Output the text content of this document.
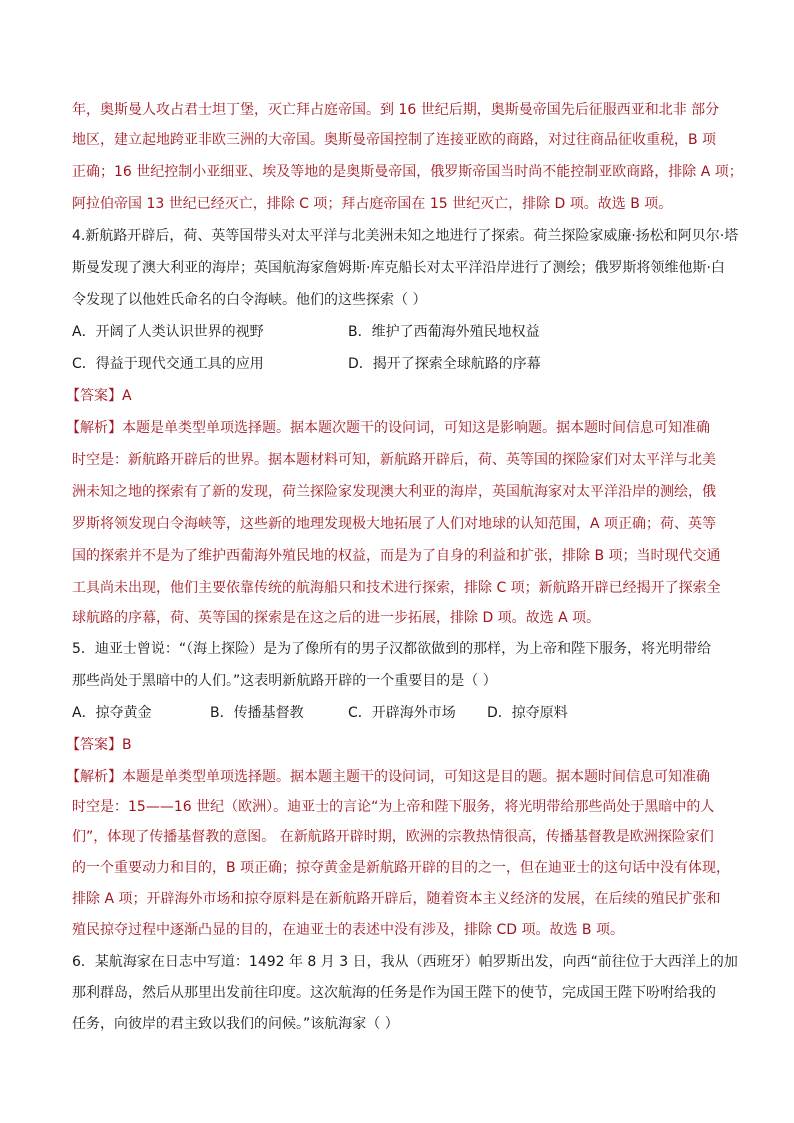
年，奥斯曼人攻占君士坦丁堡，灭亡拜占庭帝国。到 16 世纪后期，奥斯曼帝国先后征服西亚和北非 部分
地区，建立起地跨亚非欧三洲的大帝国。奥斯曼帝国控制了连接亚欧的商路，对过往商品征收重税，B 项
正确；16 世纪控制小亚细亚、埃及等地的是奥斯曼帝国，俄罗斯帝国当时尚不能控制亚欧商路，排除 A 项；
阿拉伯帝国 13 世纪已经灭亡，排除 C 项；拜占庭帝国在 15 世纪灭亡，排除 D 项。故选 B 项。
4.新航路开辟后，荷、英等国带头对太平洋与北美洲未知之地进行了探索。荷兰探险家威廉·扬松和阿贝尔·塔
斯曼发现了澳大利亚的海岸；英国航海家詹姆斯·库克船长对太平洋沿岸进行了测绘；俄罗斯将领维他斯·白
令发现了以他姓氏命名的白令海峡。他们的这些探索（ ）
A．开阔了人类认识世界的视野	B．维护了西葡海外殖民地权益
C．得益于现代交通工具的应用	D．揭开了探索全球航路的序幕
【答案】A
【解析】本题是单类型单项选择题。据本题次题干的设问词，可知这是影响题。据本题时间信息可知准确
时空是：新航路开辟后的世界。据本题材料可知，新航路开辟后，荷、英等国的探险家们对太平洋与北美
洲未知之地的探索有了新的发现，荷兰探险家发现澳大利亚的海岸，英国航海家对太平洋沿岸的测绘，俄
罗斯将领发现白令海峡等，这些新的地理发现极大地拓展了人们对地球的认知范围，A 项正确；荷、英等
国的探索并不是为了维护西葡海外殖民地的权益，而是为了自身的利益和扩张，排除 B 项；当时现代交通
工具尚未出现，他们主要依靠传统的航海船只和技术进行探索，排除 C 项；新航路开辟已经揭开了探索全
球航路的序幕，荷、英等国的探索是在这之后的进一步拓展，排除 D 项。故选 A 项。
5．迪亚士曾说：“（海上探险）是为了像所有的男子汉都欲做到的那样，为上帝和陛下服务，将光明带给
那些尚处于黑暗中的人们。”这表明新航路开辟的一个重要目的是（ ）
A．掠夺黄金	B．传播基督教	C．开辟海外市场 D．掠夺原料
【答案】B
【解析】本题是单类型单项选择题。据本题主题干的设问词，可知这是目的题。据本题时间信息可知准确
时空是：15——16 世纪（欧洲）。迪亚士的言论“为上帝和陛下服务，将光明带给那些尚处于黑暗中的人
们”，体现了传播基督教的意图。 在新航路开辟时期，欧洲的宗教热情很高，传播基督教是欧洲探险家们
的一个重要动力和目的，B 项正确；掠夺黄金是新航路开辟的目的之一，但在迪亚士的这句话中没有体现，
排除 A 项；开辟海外市场和掠夺原料是在新航路开辟后，随着资本主义经济的发展，在后续的殖民扩张和
殖民掠夺过程中逐渐凸显的目的，在迪亚士的表述中没有涉及，排除 CD 项。故选 B 项。
6．某航海家在日志中写道：1492 年 8 月 3 日，我从（西班牙）帕罗斯出发，向西“前往位于大西洋上的加
那利群岛，然后从那里出发前往印度。这次航海的任务是作为国王陛下的使节，完成国王陛下吩咐给我的
任务，向彼岸的君主致以我们的问候。”该航海家（ ）
